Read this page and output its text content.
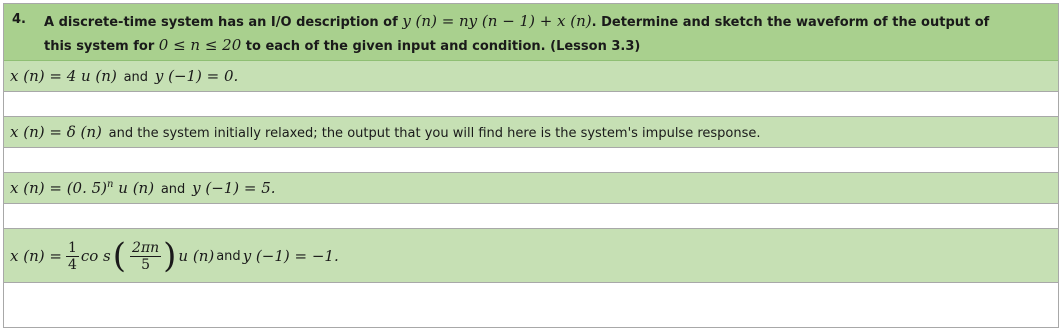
4. A discrete-time system has an I/O description of y (n) = ny (n − 1) + x (n). Determine and sketch the waveform of the output of
this system for 0 ≤ n ≤ 20 to each of the given input and condition. (Lesson 3.3)
x (n) = 4 u (n) and y (−1) = 0.
x (n) = δ (n) and the system initially relaxed; the output that you will find here is the system's impulse response.
x (n) = (0. 5)$^n$ u (n) and y (−1) = 5.
x $(n) = \frac{1}{4}$ co s ( $\frac{2\pi n}{5}$ ) u (n) and y (−1) = −1.
